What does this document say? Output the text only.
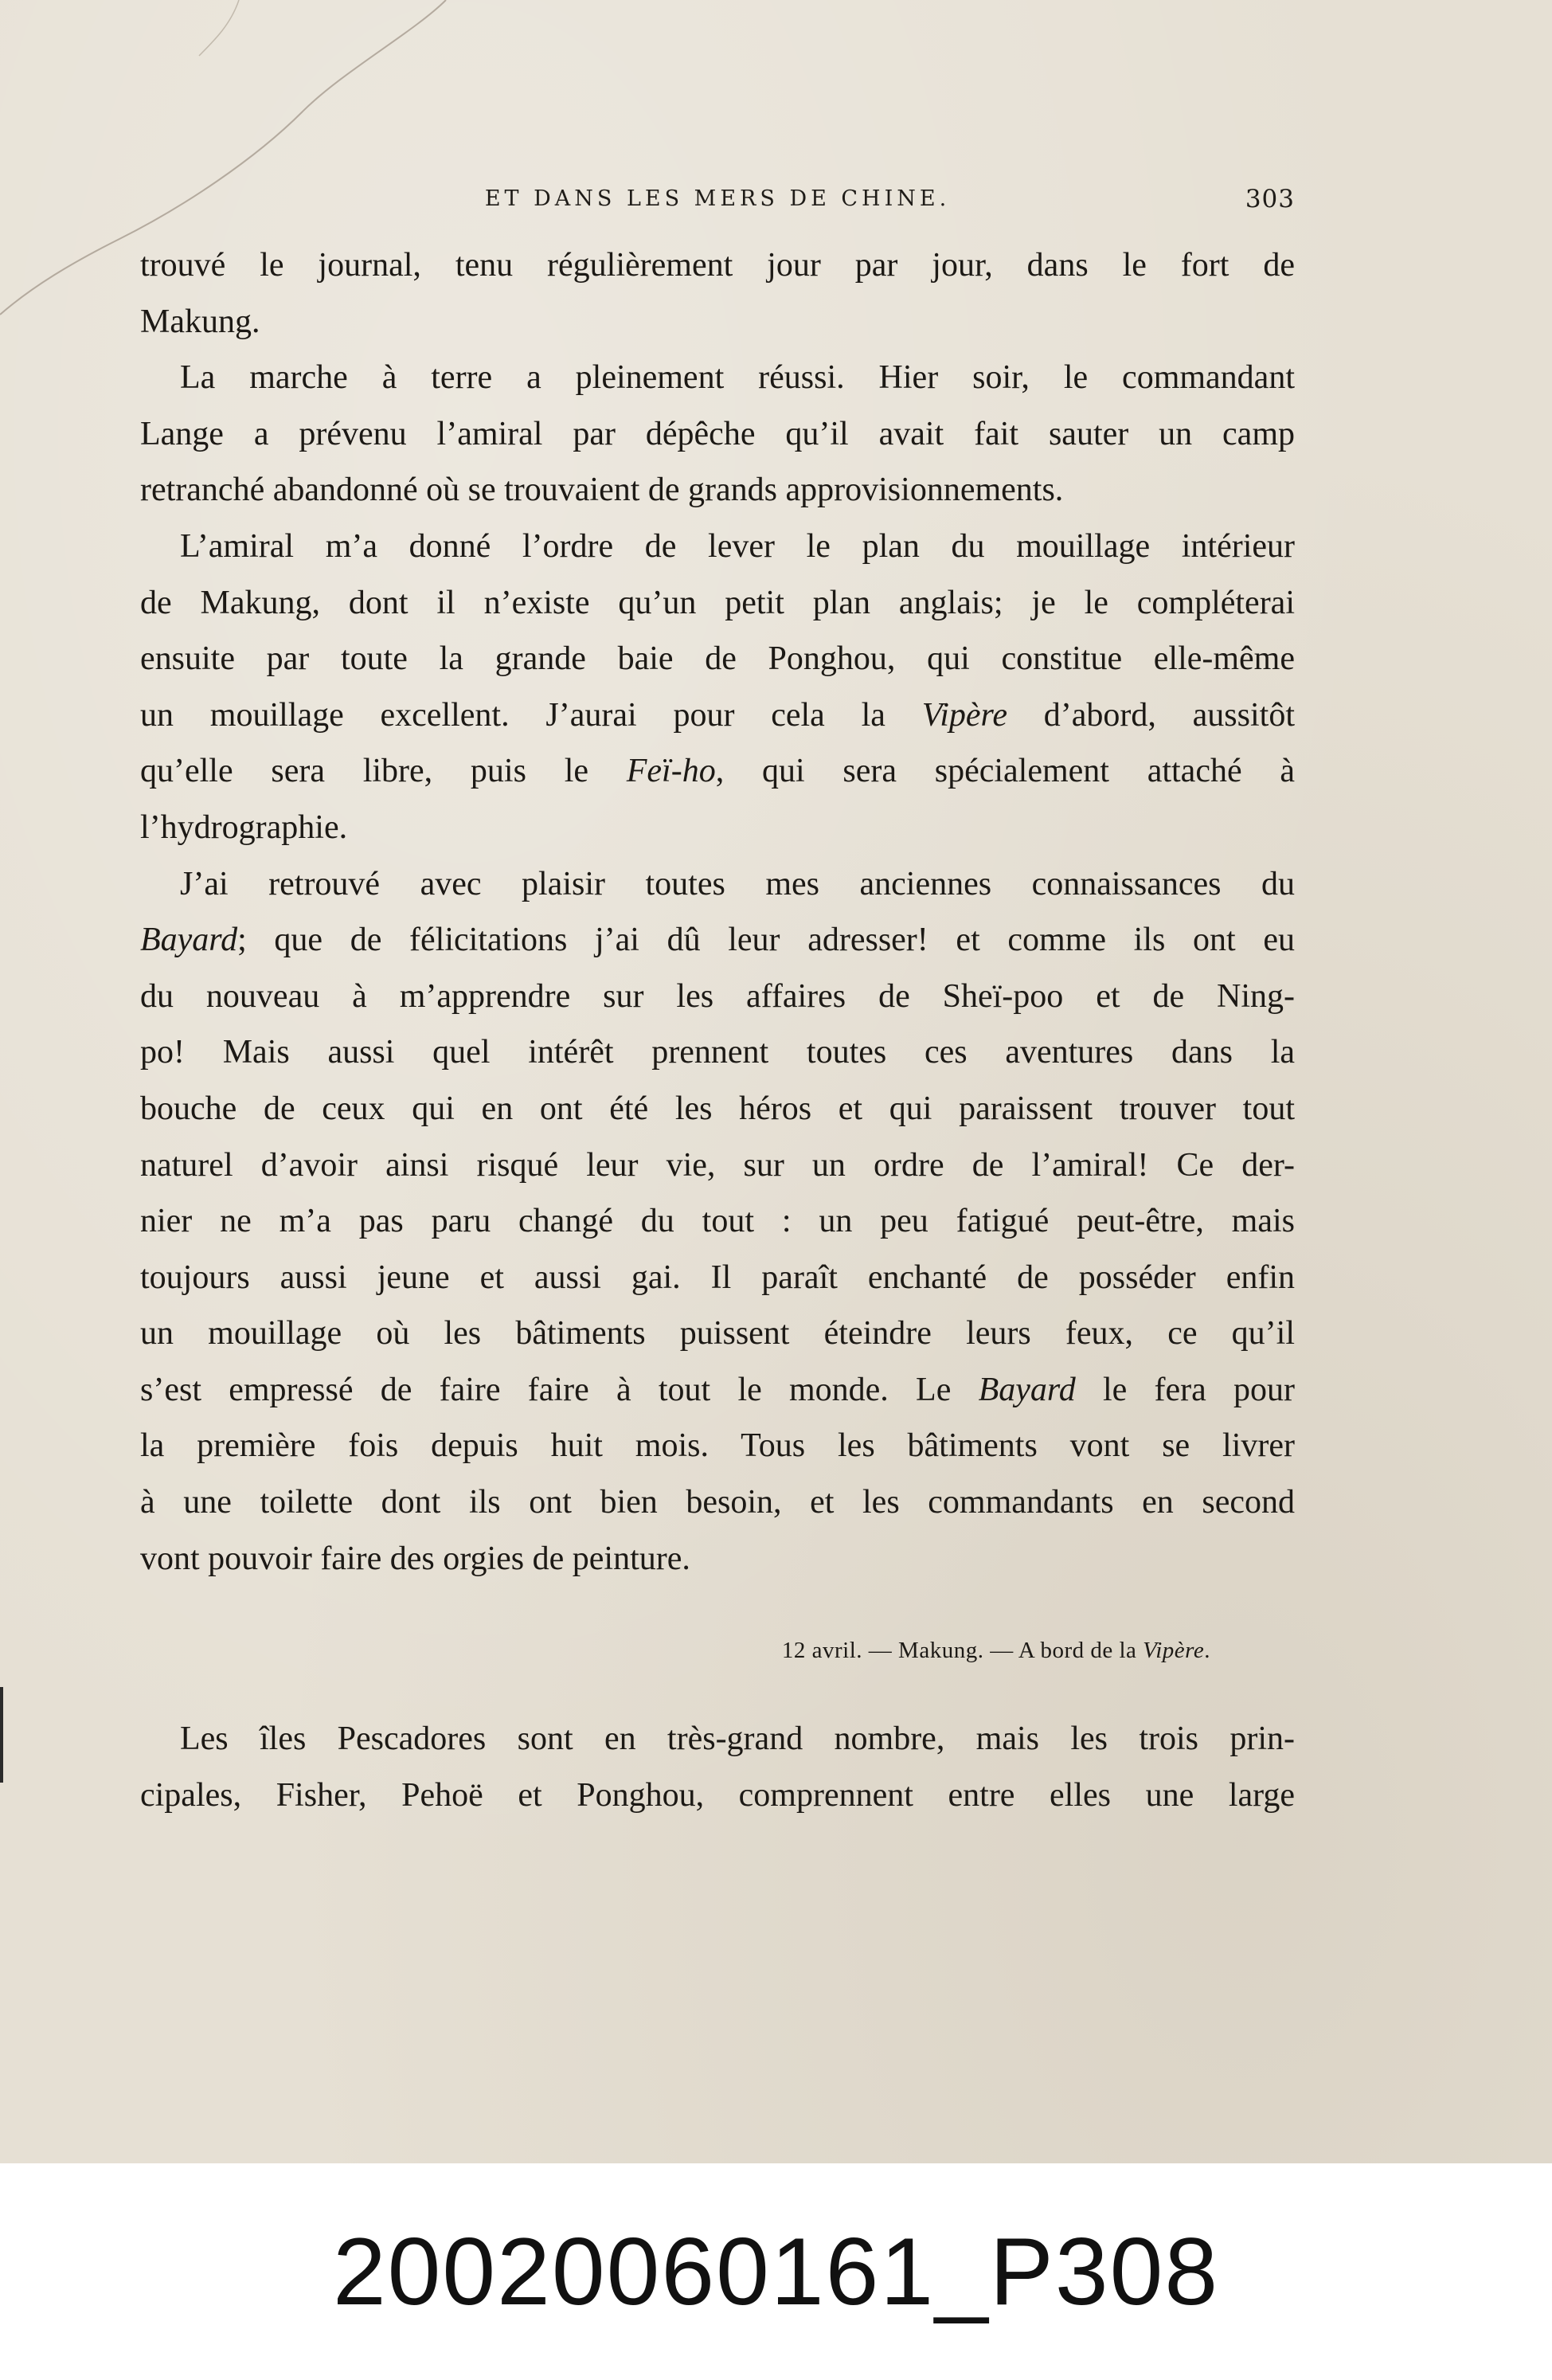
ET DANS LES MERS DE CHINE.	303
trouvé le journal, tenu régulièrement jour par jour, dans le fort de
Makung.
La marche à terre a pleinement réussi. Hier soir, le commandant
Lange a prévenu l’amiral par dépêche qu’il avait fait sauter un camp
retranché abandonné où se trouvaient de grands approvisionnements.
L’amiral m’a donné l’ordre de lever le plan du mouillage intérieur
de Makung, dont il n’existe qu’un petit plan anglais; je le compléterai
ensuite par toute la grande baie de Ponghou, qui constitue elle-même
un mouillage excellent. J’aurai pour cela la Vipère d’abord, aussitôt
qu’elle sera libre, puis le Feï-ho, qui sera spécialement attaché à
l’hydrographie.
J’ai retrouvé avec plaisir toutes mes anciennes connaissances du
Bayard; que de félicitations j’ai dû leur adresser! et comme ils ont eu
du nouveau à m’apprendre sur les affaires de Sheï-poo et de Ning-
po! Mais aussi quel intérêt prennent toutes ces aventures dans la
bouche de ceux qui en ont été les héros et qui paraissent trouver tout
naturel d’avoir ainsi risqué leur vie, sur un ordre de l’amiral! Ce der-
nier ne m’a pas paru changé du tout : un peu fatigué peut-être, mais
toujours aussi jeune et aussi gai. Il paraît enchanté de posséder enfin
un mouillage où les bâtiments puissent éteindre leurs feux, ce qu’il
s’est empressé de faire faire à tout le monde. Le Bayard le fera pour
la première fois depuis huit mois. Tous les bâtiments vont se livrer
à une toilette dont ils ont bien besoin, et les commandants en second
vont pouvoir faire des orgies de peinture.
12 avril. — Makung. — A bord de la Vipère.
Les îles Pescadores sont en très-grand nombre, mais les trois prin-
cipales, Fisher, Pehoë et Ponghou, comprennent entre elles une large
20020060161_P308
